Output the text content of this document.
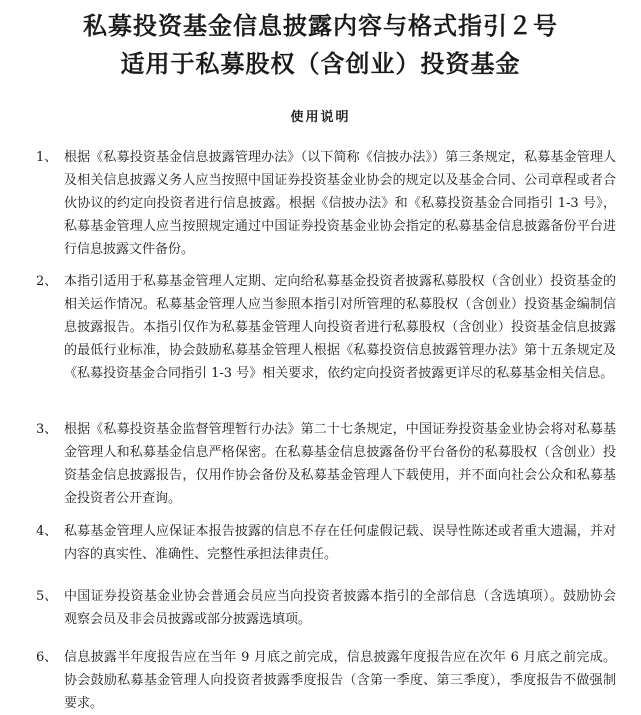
私募投资基金信息披露内容与格式指引２号
适用于私募股权（含创业）投资基金
使用说明
1、 根据《私募投资基金信息披露管理办法》（以下简称《信披办法》）第三条规定，私募基金管理人及相关信息披露义务人应当按照中国证券投资基金业协会的规定以及基金合同、公司章程或者合伙协议的约定向投资者进行信息披露。根据《信披办法》和《私募投资基金合同指引 1-3 号》，私募基金管理人应当按照规定通过中国证券投资基金业协会指定的私募基金信息披露备份平台进行信息披露文件备份。
2、 本指引适用于私募基金管理人定期、定向给私募基金投资者披露私募股权（含创业）投资基金的相关运作情况。私募基金管理人应当参照本指引对所管理的私募股权（含创业）投资基金编制信息披露报告。本指引仅作为私募基金管理人向投资者进行私募股权（含创业）投资基金信息披露的最低行业标准，协会鼓励私募基金管理人根据《私募投资信息披露管理办法》第十五条规定及《私募投资基金合同指引 1-3 号》相关要求，依约定向投资者披露更详尽的私募基金相关信息。
3、 根据《私募投资基金监督管理暂行办法》第二十七条规定，中国证券投资基金业协会将对私募基金管理人和私募基金信息严格保密。在私募基金信息披露备份平台备份的私募股权（含创业）投资基金信息披露报告，仅用作协会备份及私募基金管理人下载使用，并不面向社会公众和私募基金投资者公开查询。
4、 私募基金管理人应保证本报告披露的信息不存在任何虚假记载、误导性陈述或者重大遗漏，并对内容的真实性、准确性、完整性承担法律责任。
5、 中国证券投资基金业协会普通会员应当向投资者披露本指引的全部信息（含选填项）。鼓励协会观察会员及非会员披露或部分披露选填项。
6、 信息披露半年度报告应在当年 9 月底之前完成，信息披露年度报告应在次年 6 月底之前完成。协会鼓励私募基金管理人向投资者披露季度报告（含第一季度、第三季度），季度报告不做强制要求。
